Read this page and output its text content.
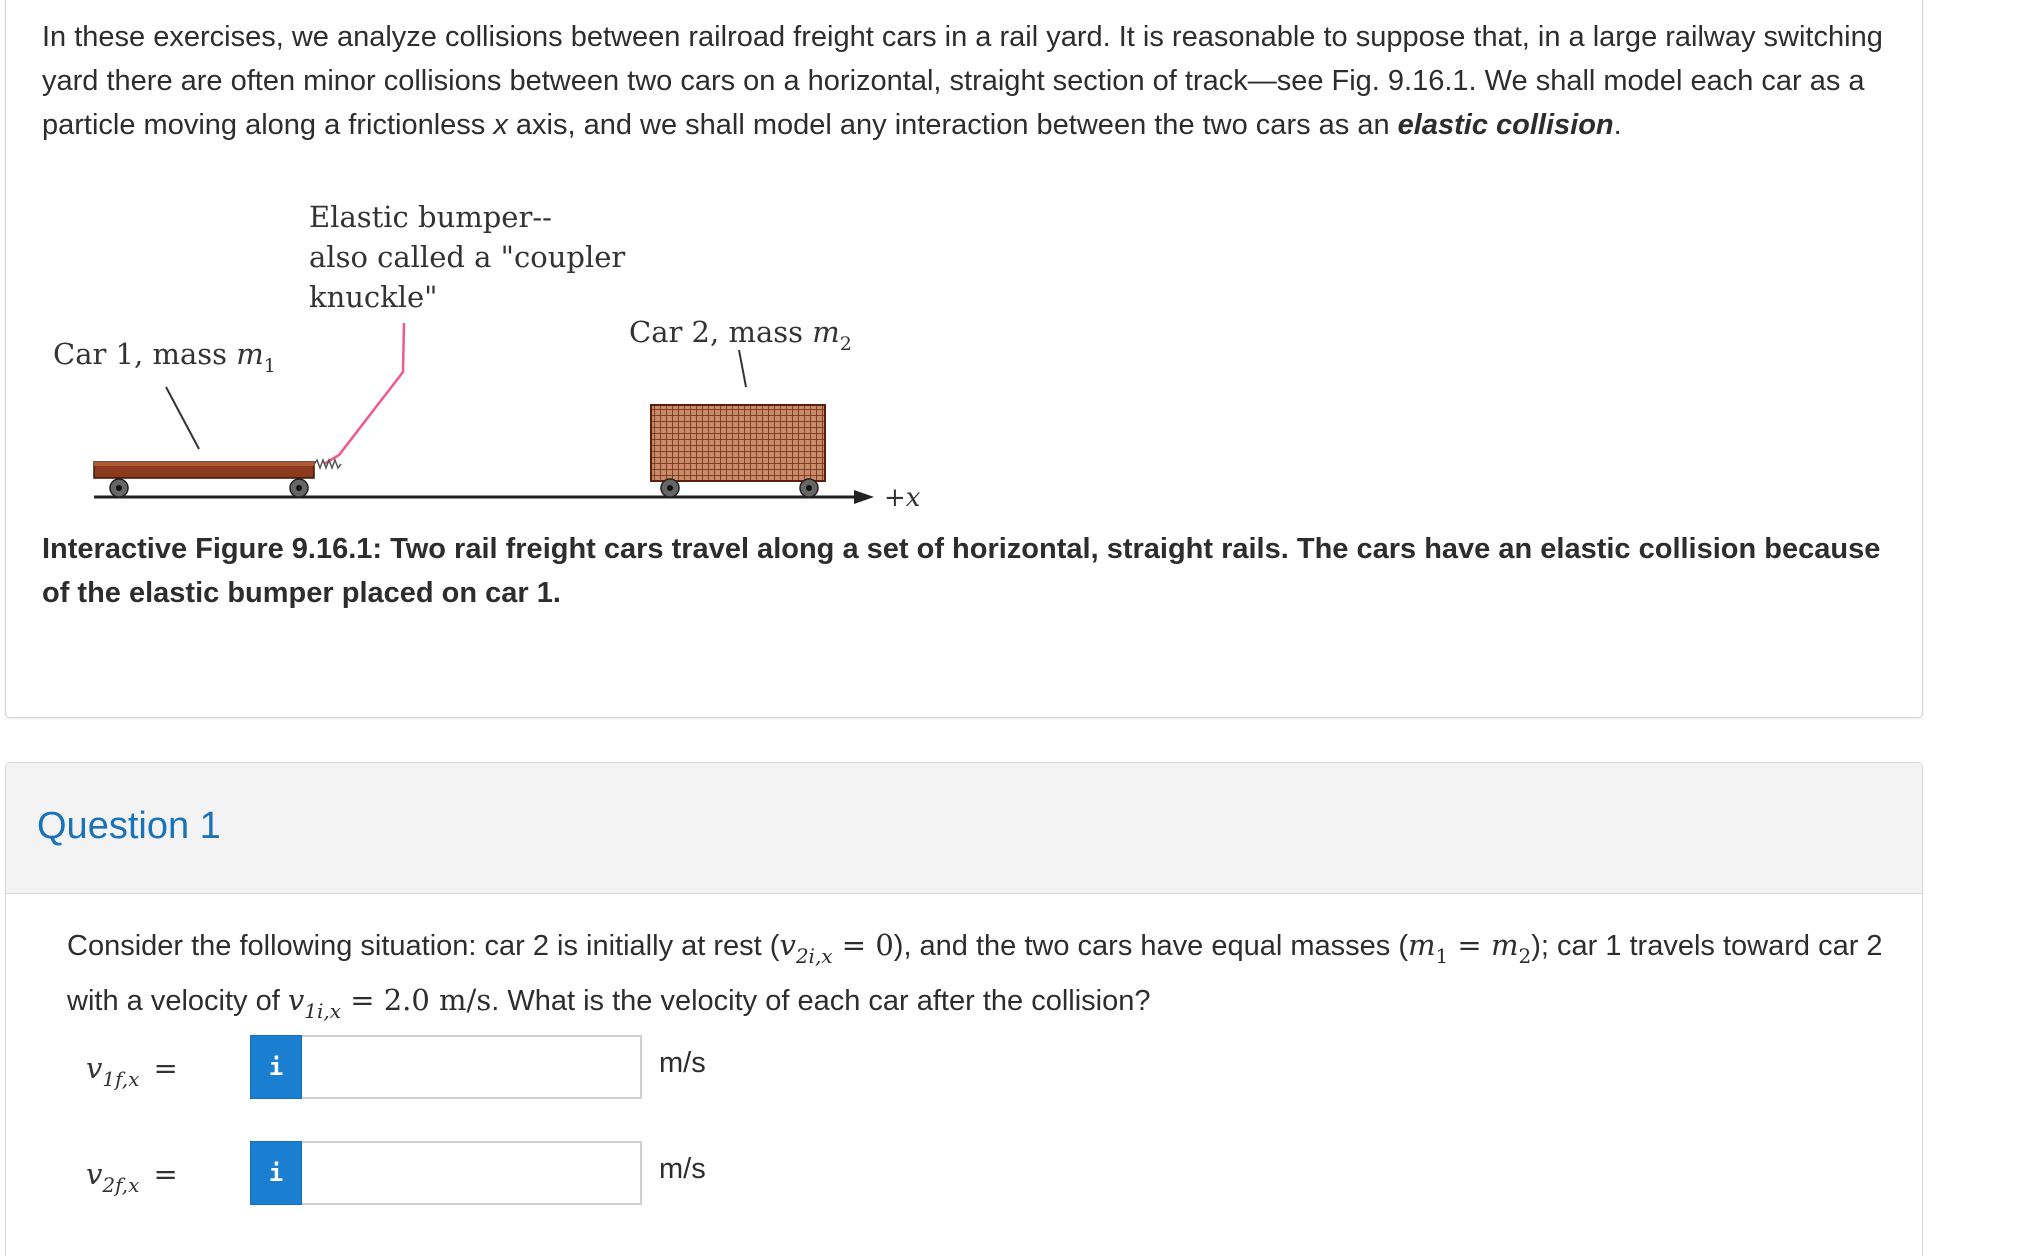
In these exercises, we analyze collisions between railroad freight cars in a rail yard. It is reasonable to suppose that, in a large railway switching yard there are often minor collisions between two cars on a horizontal, straight section of track—see Fig. 9.16.1. We shall model each car as a particle moving along a frictionless x axis, and we shall model any interaction between the two cars as an elastic collision.
Elastic bumper--
also called a "coupler
knuckle"
Car 1, mass $m_1$
Car 2, mass $m_2$
+x
Interactive Figure 9.16.1: Two rail freight cars travel along a set of horizontal, straight rails. The cars have an elastic collision because of the elastic bumper placed on car 1.
Question 1
Consider the following situation: car 2 is initially at rest $(v_{2i,x} = 0)$, and the two cars have equal masses $(m_1 = m_2)$; car 1 travels toward car 2 with a velocity of $v_{1i,x} = 2.0$ m/s. What is the velocity of each car after the collision?
$v_{1f,x}$ =	i	m/s
$v_{2f,x}$ =	i	m/s
